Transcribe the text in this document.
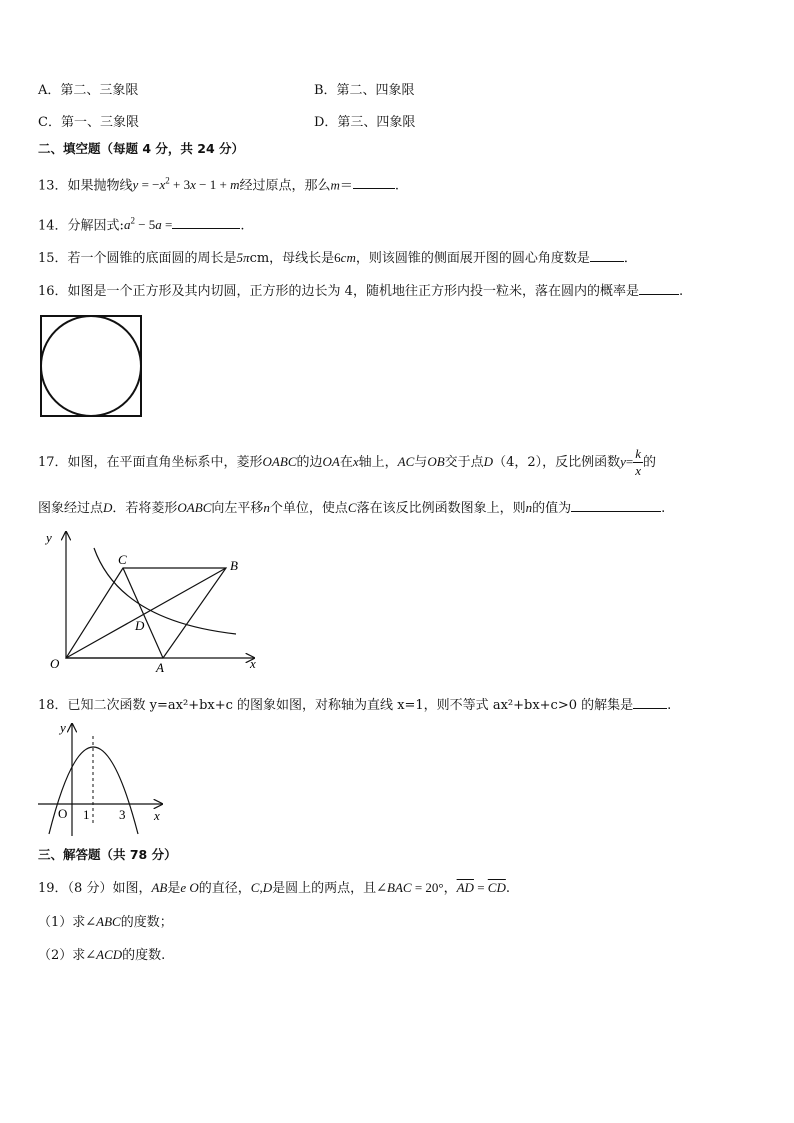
A．第二、三象限	B．第二、四象限
C．第一、三象限	D．第三、四象限
二、填空题（每题 4 分，共 24 分）
13．如果抛物线$y = -x^2 + 3x - 1 + m$经过原点，那么m＝	.
14．分解因式$:a^2 - 5a$ =	.
15．若一个圆锥的底面圆的周长是5πcm，母线长是6cm，则该圆锥的侧面展开图的圆心角度数是	．
16．如图是一个正方形及其内切圆，正方形的边长为 4，随机地往正方形内投一粒米，落在圆内的概率是	.
17．如图，在平面直角坐标系中，菱形OABC的边OA在x轴上，AC与OB交于点D（4，2），反比例函数$y= \frac{k}{x}$ 的
图象经过点D．若将菱形OABC向左平移n个单位，使点C落在该反比例函数图象上，则n的值为	.
y
x
O	A
B
C
D
18．已知二次函数 y=ax²+bx+c 的图象如图，对称轴为直线 x=1，则不等式 ax²+bx+c>0 的解集是	.
y
x
O 1 3
三、解答题（共 78 分）
19．（8 分）如图，AB是e O的直径，C,D是圆上的两点，且∠BAC = 20°，$\overline{AD} = \overline{CD}$.
（1）求∠ABC的度数；
（2）求∠ACD的度数.
